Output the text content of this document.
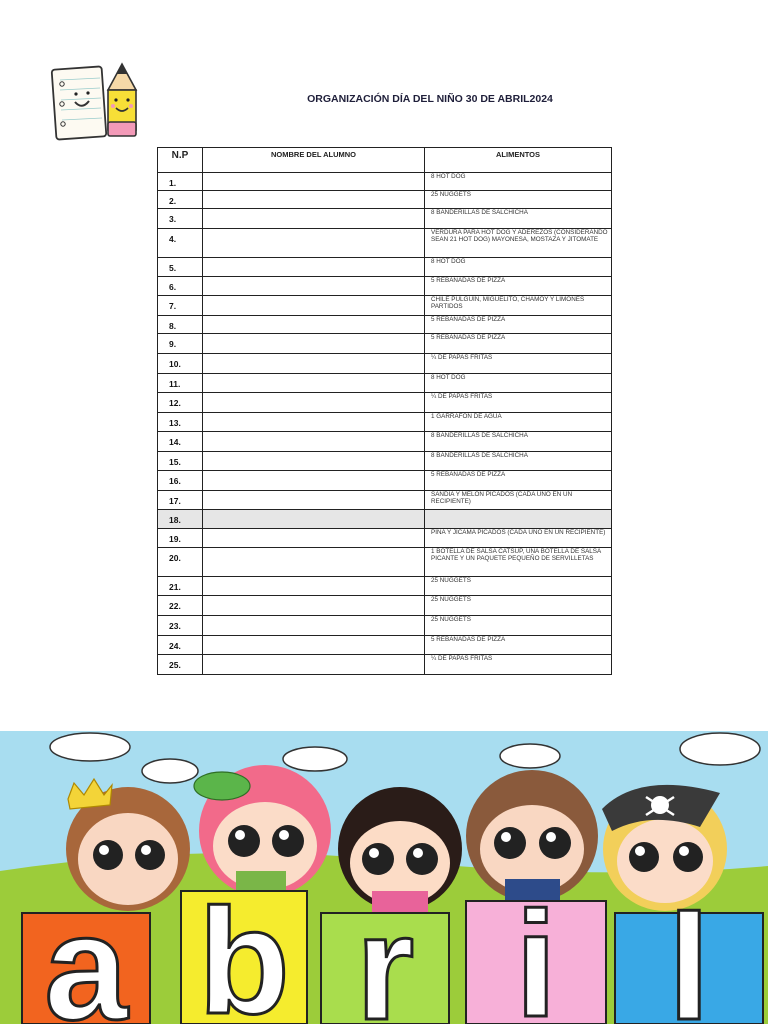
ORGANIZACIÓN DÍA DEL NIÑO 30 DE ABRIL2024
N.P	NOMBRE DEL ALUMNO	ALIMENTOS
1.		8 HOT DOG
2.		25 NUGGETS
3.		8 BANDERILLAS DE SALCHICHA
4.		VERDURA PARA HOT DOG Y ADEREZOS (CONSIDERANDO SEAN 21 HOT DOG) MAYONESA, MOSTAZA Y JITOMATE
5.		8 HOT DOG
6.		5 REBANADAS DE PIZZA
7.		CHILE PULGUIN, MIGUELITO, CHAMOY Y LIMONES PARTIDOS
8.		5 REBANADAS DE PIZZA
9.		5 REBANADAS DE PIZZA
10.		¼ DE PAPAS FRITAS
11.		8 HOT DOG
12.		¼ DE PAPAS FRITAS
13.		1 GARRAFON DE AGUA
14.		8 BANDERILLAS DE SALCHICHA
15.		8 BANDERILLAS DE SALCHICHA
16.		5 REBANADAS DE PIZZA
17.		SANDIA Y MELON PICADOS (CADA UNO EN UN RECIPIENTE)
18.		
19.		PIÑA Y JICAMA PICADOS (CADA UNO EN UN RECIPIENTE)
20.		1 BOTELLA DE SALSA CATSUP, UNA BOTELLA DE SALSA PICANTE Y UN PAQUETE PEQUEÑO DE SERVILLETAS
21.		25 NUGGETS
22.		25 NUGGETS
23.		25 NUGGETS
24.		5 REBANADAS DE PIZZA
25.		¼ DE PAPAS FRITAS
a b r i l
